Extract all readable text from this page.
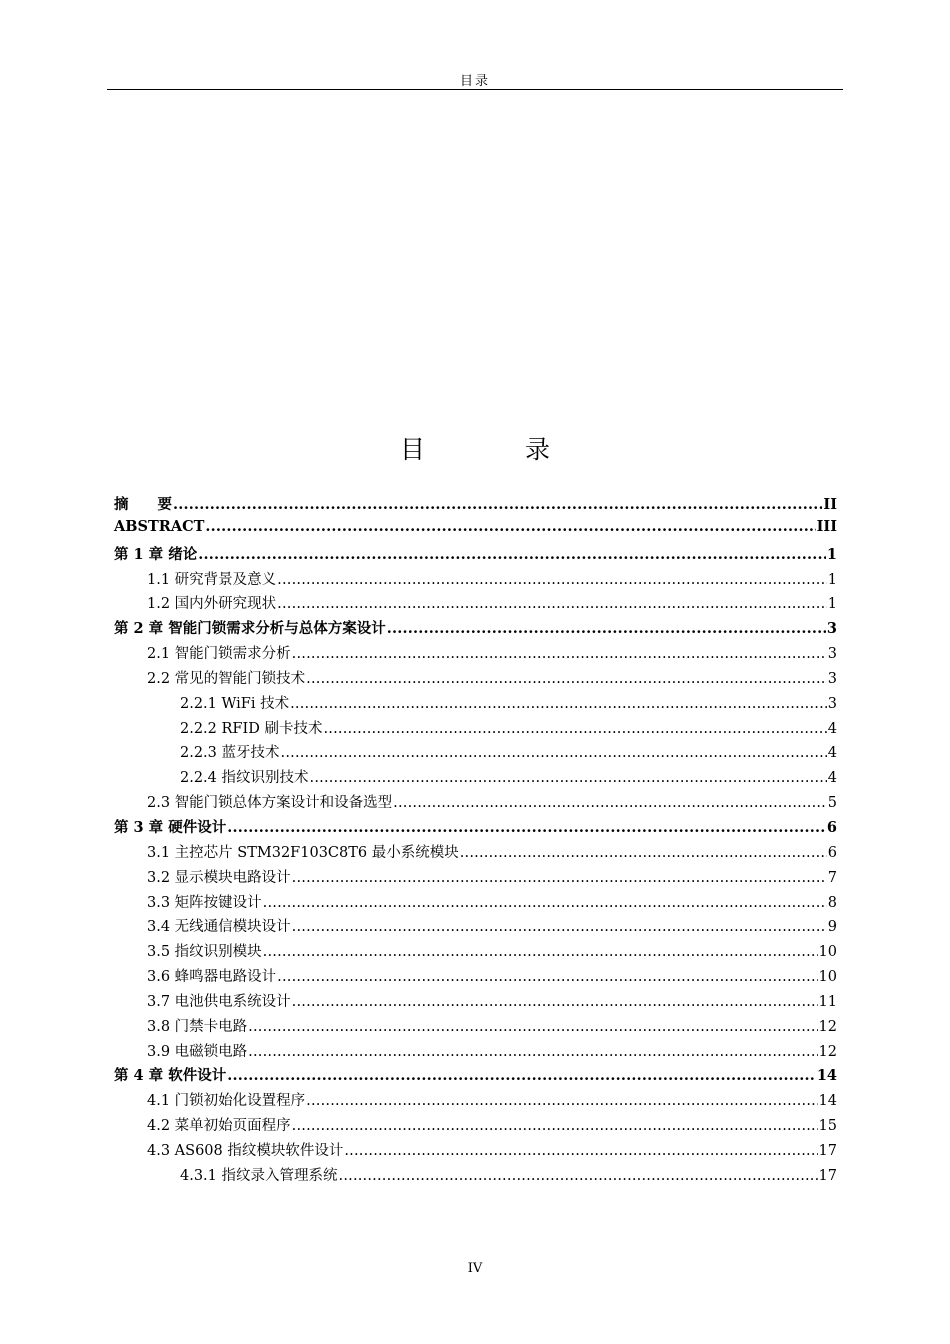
目录
目 录
摘　　要 .....	II
ABSTRACT .....	III
第 1 章 绪论 .....	1
1.1 研究背景及意义 .....	1
1.2 国内外研究现状 .....	1
第 2 章 智能门锁需求分析与总体方案设计 .....	3
2.1 智能门锁需求分析 .....	3
2.2 常见的智能门锁技术 .....	3
2.2.1 WiFi 技术 .....	3
2.2.2 RFID 刷卡技术 .....	4
2.2.3 蓝牙技术 .....	4
2.2.4 指纹识别技术 .....	4
2.3 智能门锁总体方案设计和设备选型 .....	5
第 3 章 硬件设计 .....	6
3.1 主控芯片 STM32F103C8T6 最小系统模块 .....	6
3.2 显示模块电路设计 .....	7
3.3 矩阵按键设计 .....	8
3.4 无线通信模块设计 .....	9
3.5 指纹识别模块 .....	10
3.6 蜂鸣器电路设计 .....	10
3.7 电池供电系统设计 .....	11
3.8 门禁卡电路 .....	12
3.9 电磁锁电路 .....	12
第 4 章 软件设计 .....	14
4.1 门锁初始化设置程序 .....	14
4.2 菜单初始页面程序 .....	15
4.3 AS608 指纹模块软件设计 .....	17
4.3.1 指纹录入管理系统 .....	17
IV
